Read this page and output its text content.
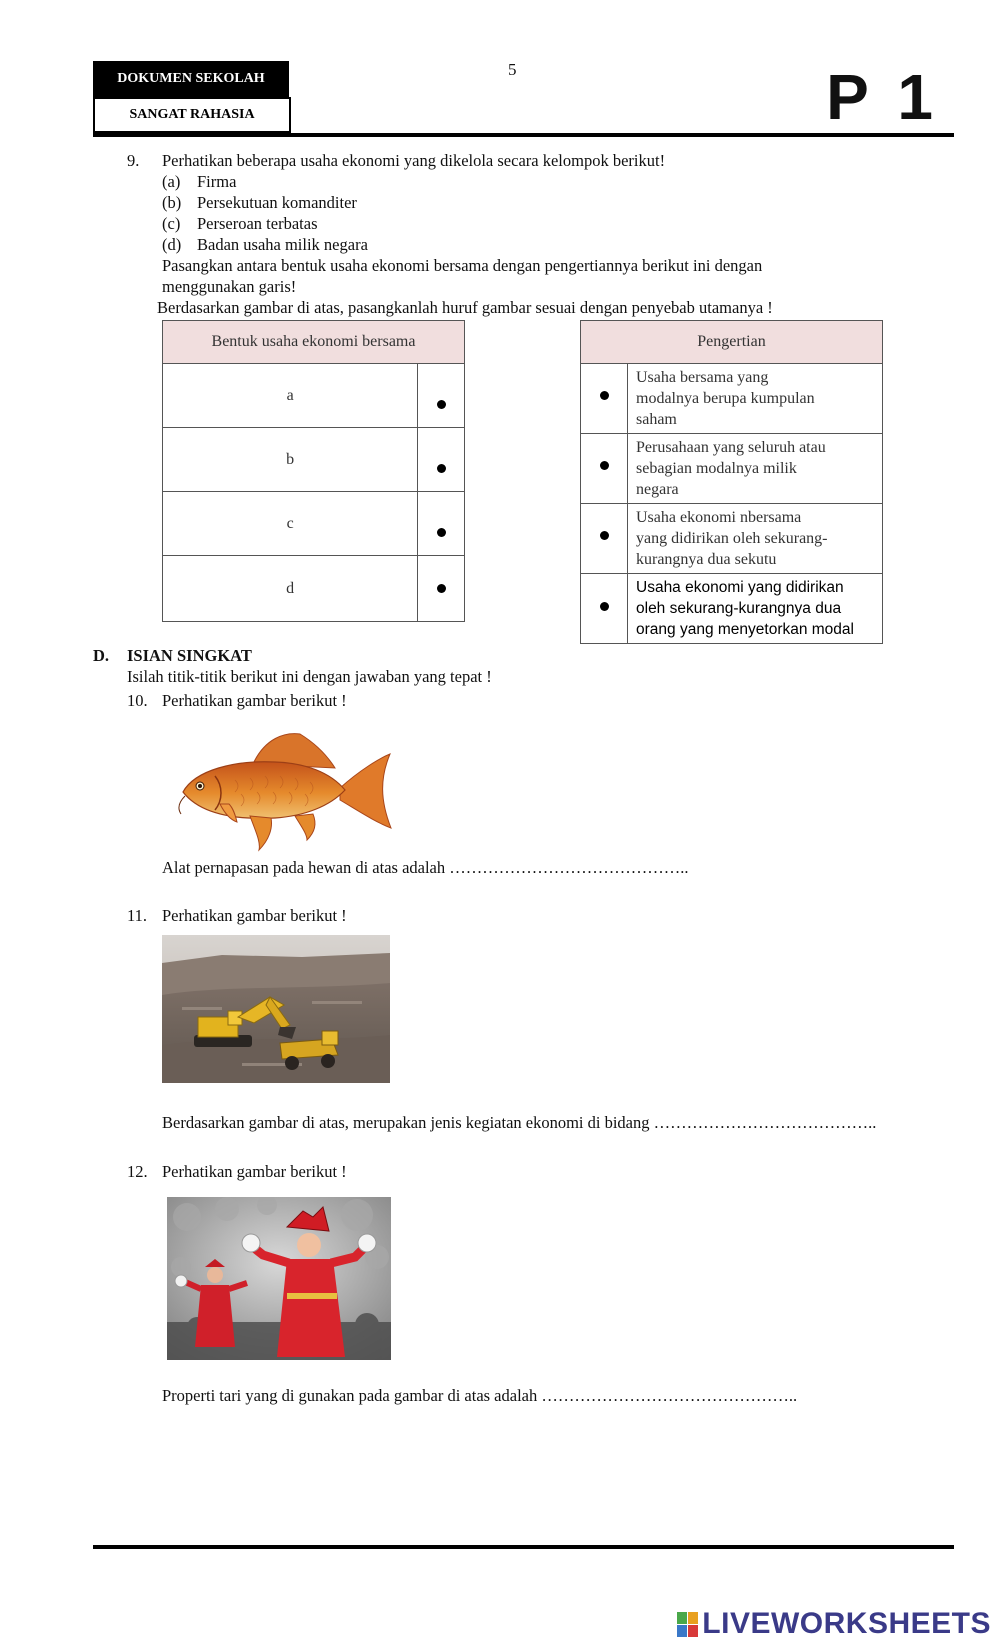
DOKUMEN SEKOLAH
SANGAT RAHASIA
5	P 1
9. Perhatikan beberapa usaha ekonomi yang dikelola secara kelompok berikut!
(a) Firma
(b) Persekutuan komanditer
(c) Perseroan terbatas
(d) Badan usaha milik negara
Pasangkan antara bentuk usaha ekonomi bersama dengan pengertiannya berikut ini dengan
menggunakan garis!
Berdasarkan gambar di atas, pasangkanlah huruf gambar sesuai dengan penyebab utamanya !
Bentuk usaha ekonomi bersama	
a	

b	

c	

d	
Pengertian	

	Usaha bersama yang
modalnya berupa kumpulan
saham

	Perusahaan yang seluruh atau
sebagian modalnya milik
negara

	Usaha ekonomi nbersama
yang didirikan oleh sekurang-
kurangnya dua sekutu

	Usaha ekonomi yang didirikan
oleh sekurang-kurangnya dua
orang yang menyetorkan modal
D. ISIAN SINGKAT
Isilah titik-titik berikut ini dengan jawaban yang tepat !
10. Perhatikan gambar berikut !
Alat pernapasan pada hewan di atas adalah ……………………………………..
11. Perhatikan gambar berikut !
Berdasarkan gambar di atas, merupakan jenis kegiatan ekonomi di bidang …………………………………..
12. Perhatikan gambar berikut !
Properti tari yang di gunakan pada gambar di atas adalah ………………………………………..
LIVEWORKSHEETS
